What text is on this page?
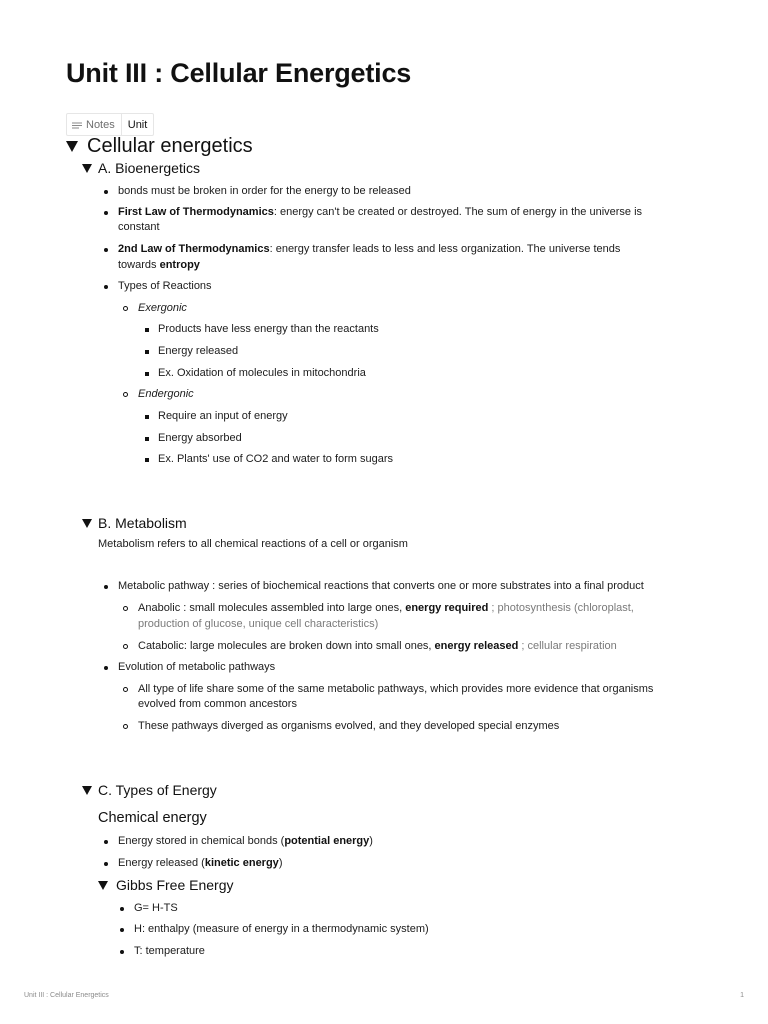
Unit III : Cellular Energetics
Notes	Unit
Cellular energetics
A. Bioenergetics
bonds must be broken in order for the energy to be released
First Law of Thermodynamics: energy can't be created or destroyed. The sum of energy in the universe is
constant
2nd Law of Thermodynamics: energy transfer leads to less and less organization. The universe tends
towards entropy
Types of Reactions
Exergonic
Products have less energy than the reactants
Energy released
Ex. Oxidation of molecules in mitochondria
Endergonic
Require an input of energy
Energy absorbed
Ex. Plants' use of CO2 and water to form sugars
B. Metabolism
Metabolism refers to all chemical reactions of a cell or organism
Metabolic pathway : series of biochemical reactions that converts one or more substrates into a final product
Anabolic : small molecules assembled into large ones, energy required ; photosynthesis (chloroplast,
production of glucose, unique cell characteristics)
Catabolic: large molecules are broken down into small ones, energy released ; cellular respiration
Evolution of metabolic pathways
All type of life share some of the same metabolic pathways, which provides more evidence that organisms
evolved from common ancestors
These pathways diverged as organisms evolved, and they developed special enzymes
C. Types of Energy
Chemical energy
Energy stored in chemical bonds (potential energy)
Energy released (kinetic energy)
Gibbs Free Energy
G= H-TS
H: enthalpy (measure of energy in a thermodynamic system)
T: temperature
Unit III : Cellular Energetics	1
